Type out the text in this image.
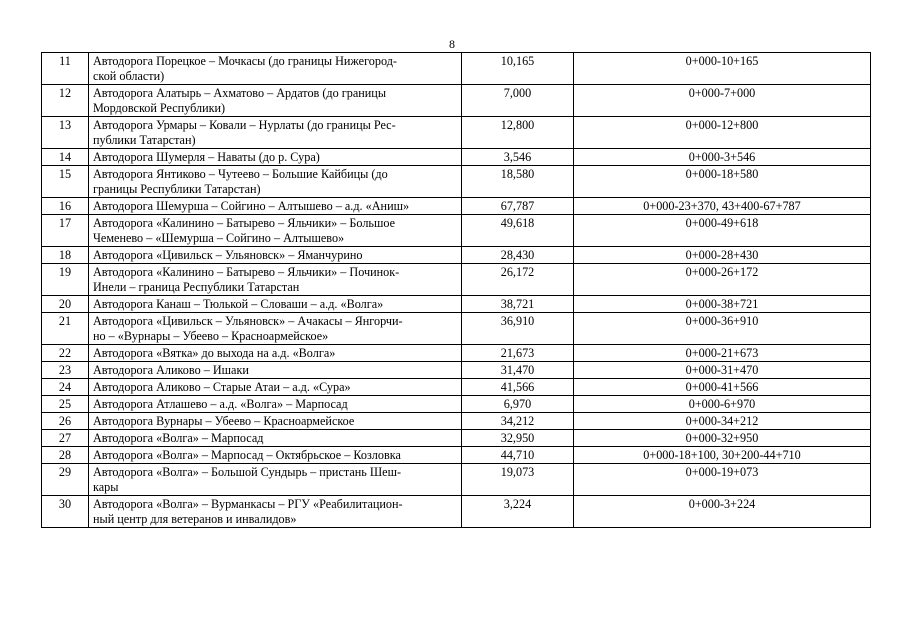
8
11	Автодорога Порецкое – Мочкасы (до границы Нижегород-
ской области)	10,165	0+000-10+165
12	Автодорога Алатырь – Ахматово – Ардатов (до границы
Мордовской Республики)	7,000	0+000-7+000
13	Автодорога Урмары – Ковали – Нурлаты (до границы Рес-
публики Татарстан)	12,800	0+000-12+800
14	Автодорога Шумерля – Наваты (до р. Сура)	3,546	0+000-3+546
15	Автодорога Янтиково – Чутеево – Большие Кайбицы (до
границы Республики Татарстан)	18,580	0+000-18+580
16	Автодорога Шемурша – Сойгино – Алтышево – а.д. «Аниш»	67,787	0+000-23+370, 43+400-67+787
17	Автодорога «Калинино – Батырево – Яльчики» – Большое
Чеменево – «Шемурша – Сойгино – Алтышево»	49,618	0+000-49+618
18	Автодорога «Цивильск – Ульяновск» – Яманчурино	28,430	0+000-28+430
19	Автодорога «Калинино – Батырево – Яльчики» – Починок-
Инели – граница Республики Татарстан	26,172	0+000-26+172
20	Автодорога Канаш – Тюлькой – Словаши – а.д. «Волга»	38,721	0+000-38+721
21	Автодорога «Цивильск – Ульяновск» – Ачакасы – Янгорчи-
но – «Вурнары – Убеево – Красноармейское»	36,910	0+000-36+910
22	Автодорога «Вятка» до выхода на а.д. «Волга»	21,673	0+000-21+673
23	Автодорога Аликово – Ишаки	31,470	0+000-31+470
24	Автодорога Аликово – Старые Атаи – а.д. «Сура»	41,566	0+000-41+566
25	Автодорога Атлашево – а.д. «Волга» – Марпосад	6,970	0+000-6+970
26	Автодорога Вурнары – Убеево – Красноармейское	34,212	0+000-34+212
27	Автодорога «Волга» – Марпосад	32,950	0+000-32+950
28	Автодорога «Волга» – Марпосад – Октябрьское – Козловка	44,710	0+000-18+100, 30+200-44+710
29	Автодорога «Волга» – Большой Сундырь – пристань Шеш-
кары	19,073	0+000-19+073
30	Автодорога «Волга» – Вурманкасы – РГУ «Реабилитацион-
ный центр для ветеранов и инвалидов»	3,224	0+000-3+224
